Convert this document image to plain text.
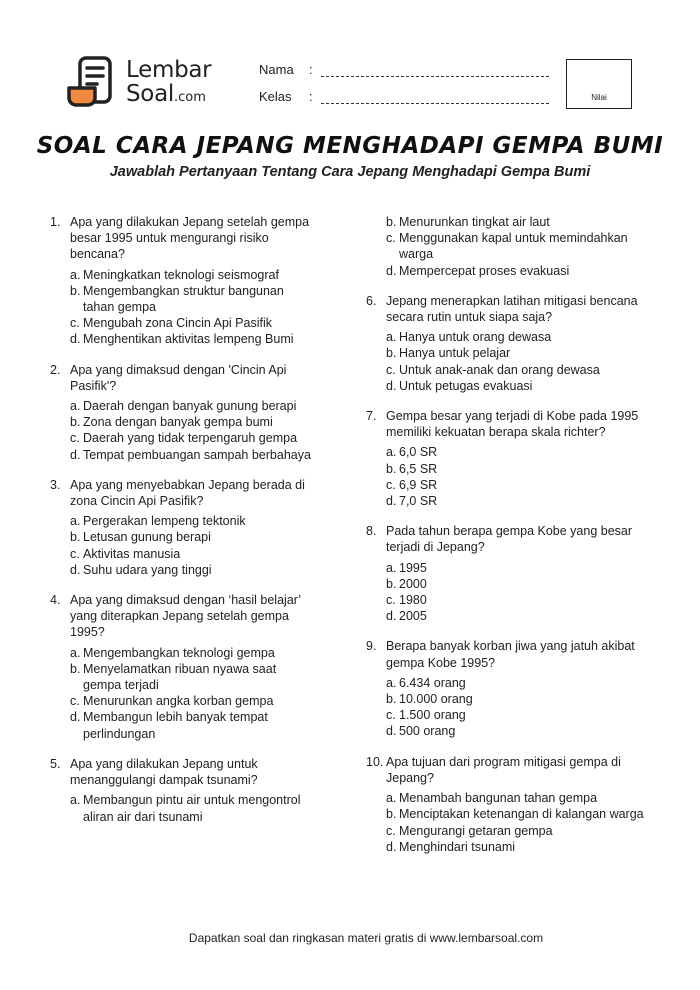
Lembar
Soal.com
Nama :
Kelas :	Nilai
SOAL CARA JEPANG MENGHADAPI GEMPA BUMI
Jawablah Pertanyaan Tentang Cara Jepang Menghadapi Gempa Bumi
1. Apa yang dilakukan Jepang setelah gempa besar 1995 untuk mengurangi risiko bencana?
a. Meningkatkan teknologi seismograf
b. Mengembangkan struktur bangunan tahan gempa
c. Mengubah zona Cincin Api Pasifik
d. Menghentikan aktivitas lempeng Bumi
2. Apa yang dimaksud dengan 'Cincin Api Pasifik'?
a. Daerah dengan banyak gunung berapi
b. Zona dengan banyak gempa bumi
c. Daerah yang tidak terpengaruh gempa
d. Tempat pembuangan sampah berbahaya
3. Apa yang menyebabkan Jepang berada di zona Cincin Api Pasifik?
a. Pergerakan lempeng tektonik
b. Letusan gunung berapi
c. Aktivitas manusia
d. Suhu udara yang tinggi
4. Apa yang dimaksud dengan ‘hasil belajar’ yang diterapkan Jepang setelah gempa 1995?
a. Mengembangkan teknologi gempa
b. Menyelamatkan ribuan nyawa saat gempa terjadi
c. Menurunkan angka korban gempa
d. Membangun lebih banyak tempat perlindungan
5. Apa yang dilakukan Jepang untuk menanggulangi dampak tsunami?
a. Membangun pintu air untuk mengontrol aliran air dari tsunami
b. Menurunkan tingkat air laut
c. Menggunakan kapal untuk memindahkan warga
d. Mempercepat proses evakuasi
6. Jepang menerapkan latihan mitigasi bencana secara rutin untuk siapa saja?
a. Hanya untuk orang dewasa
b. Hanya untuk pelajar
c. Untuk anak-anak dan orang dewasa
d. Untuk petugas evakuasi
7. Gempa besar yang terjadi di Kobe pada 1995 memiliki kekuatan berapa skala richter?
a. 6,0 SR
b. 6,5 SR
c. 6,9 SR
d. 7,0 SR
8. Pada tahun berapa gempa Kobe yang besar terjadi di Jepang?
a. 1995
b. 2000
c. 1980
d. 2005
9. Berapa banyak korban jiwa yang jatuh akibat gempa Kobe 1995?
a. 6.434 orang
b. 10.000 orang
c. 1.500 orang
d. 500 orang
10. Apa tujuan dari program mitigasi gempa di Jepang?
a. Menambah bangunan tahan gempa
b. Menciptakan ketenangan di kalangan warga
c. Mengurangi getaran gempa
d. Menghindari tsunami
Dapatkan soal dan ringkasan materi gratis di www.lembarsoal.com
